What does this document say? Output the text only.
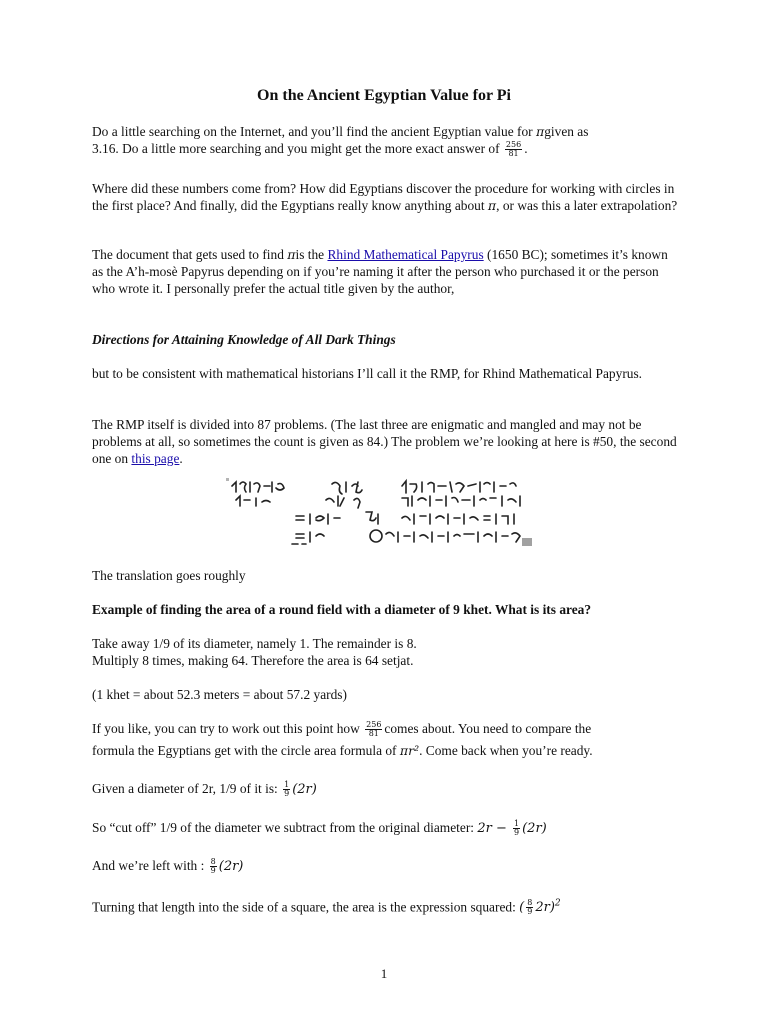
On the Ancient Egyptian Value for Pi
Do a little searching on the Internet, and you’ll find the ancient Egyptian value for πgiven as
3.16. Do a little more searching and you might get the more exact answer of $\frac{256}{81}$ .
Where did these numbers come from? How did Egyptians discover the procedure for working with circles in the first place? And finally, did the Egyptians really know anything about π, or was this a later extrapolation?
The document that gets used to find πis the Rhind Mathematical Papyrus (1650 BC); sometimes it’s known as the A’h-mosè Papyrus depending on if you’re naming it after the person who purchased it or the person who wrote it. I personally prefer the actual title given by the author,
Directions for Attaining Knowledge of All Dark Things
but to be consistent with mathematical historians I’ll call it the RMP, for Rhind Mathematical Papyrus.
The RMP itself is divided into 87 problems. (The last three are enigmatic and mangled and may not be problems at all, so sometimes the count is given as 84.) The problem we’re looking at here is #50, the second one on this page.
The translation goes roughly
Example of finding the area of a round field with a diameter of 9 khet. What is its area?
Take away 1/9 of its diameter, namely 1. The remainder is 8.
Multiply 8 times, making 64. Therefore the area is 64 setjat.
(1 khet = about 52.3 meters = about 57.2 yards)
If you like, you can try to work out this point how $\frac{256}{81}$ comes about. You need to compare the
formula the Egyptians get with the circle area formula of πr². Come back when you’re ready.
Given a diameter of 2r, 1/9 of it is: $\frac{1}{9} (2r)$
So “cut off” 1/9 of the diameter we subtract from the original diameter: $2r - \frac{1}{9} (2r)$
And we’re left with : $\frac{8}{9} (2r)$
Turning that length into the side of a square, the area is the expression squared: ( $\frac{8}{9} 2r)^2$
1
